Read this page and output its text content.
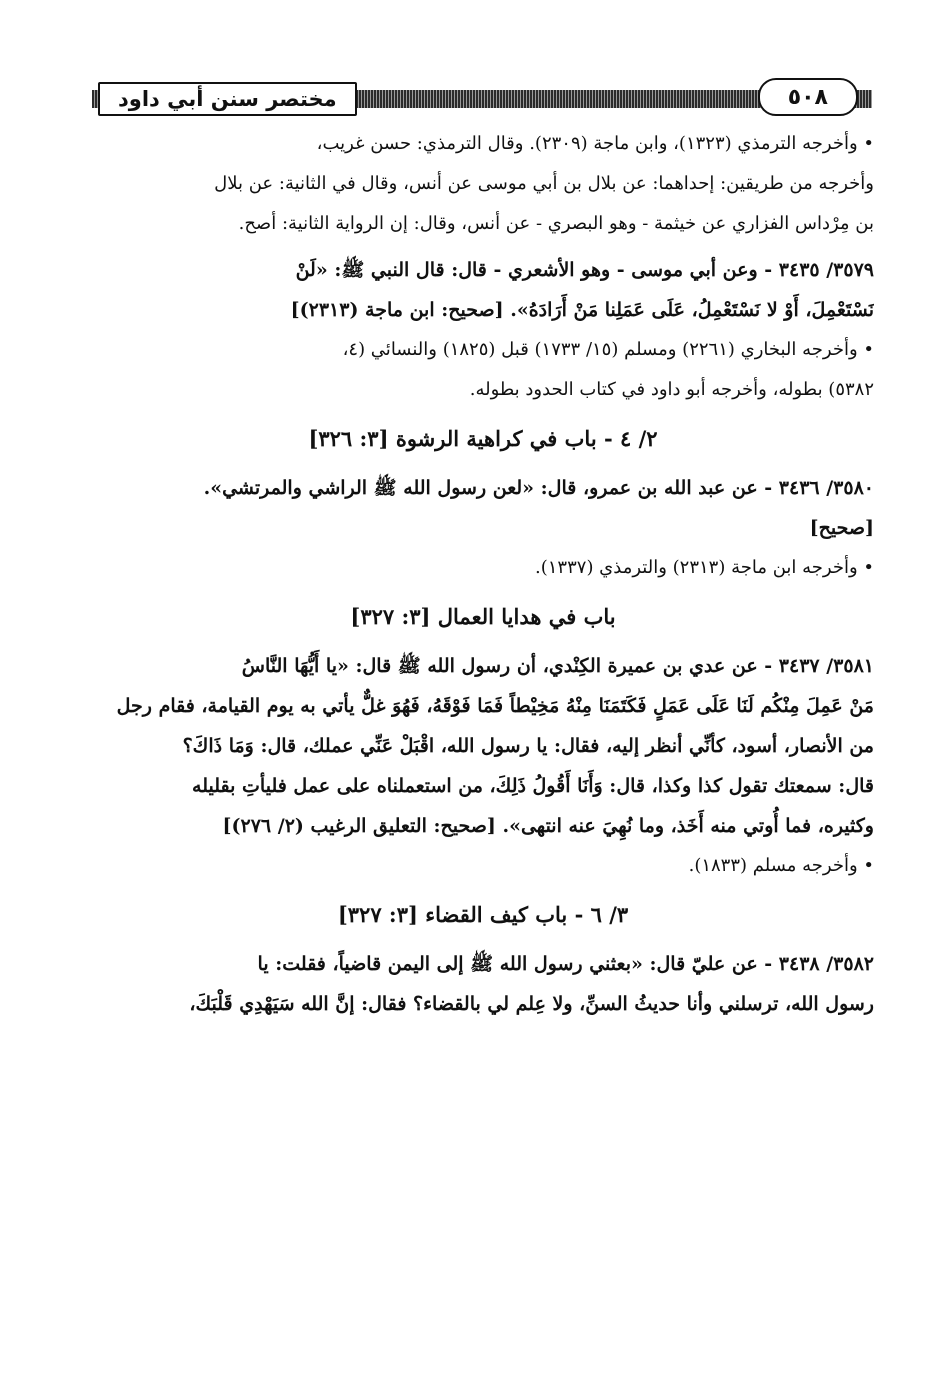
مختصر سنن أبي داود	٥٠٨
• وأخرجه الترمذي (١٣٢٣)، وابن ماجة (٢٣٠٩). وقال الترمذي: حسن غريب،
وأخرجه من طريقين: إحداهما: عن بلال بن أبي موسى عن أنس، وقال في الثانية: عن بلال
بن مِرْداس الفزاري عن خيثمة - وهو البصري - عن أنس، وقال: إن الرواية الثانية: أصح.
٣٥٧٩/ ٣٤٣٥ - وعن أبي موسى - وهو الأشعري - قال: قال النبي ﷺ: «لَنْ
نَسْتَعْمِلَ، أَوْ لا نَسْتَعْمِلُ، عَلَى عَمَلِنا مَنْ أَرَادَهُ». [صحيح: ابن ماجة (٢٣١٣)]
• وأخرجه البخاري (٢٢٦١) ومسلم (١٥/ ١٧٣٣) قبل (١٨٢٥) والنسائي (٤،
٥٣٨٢) بطوله، وأخرجه أبو داود في كتاب الحدود بطوله.
٢/ ٤ - باب في كراهية الرشوة [٣: ٣٢٦]
٣٥٨٠/ ٣٤٣٦ - عن عبد الله بن عمرو، قال: «لعن رسول الله ﷺ الراشي والمرتشي».
[صحيح]
• وأخرجه ابن ماجة (٢٣١٣) والترمذي (١٣٣٧).
باب في هدايا العمال [٣: ٣٢٧]
٣٥٨١/ ٣٤٣٧ - عن عدي بن عميرة الكِنْدي، أن رسول الله ﷺ قال: «يا أَيُّهَا النَّاسُ
مَنْ عَمِلَ مِنْكُم لَنَا عَلَى عَمَلٍ فَكَتَمَنَا مِنْهُ مَخِيْطاً فَمَا فَوْقَهُ، فَهُوَ غلٌّ يأتي به يوم القيامة، فقام رجل
من الأنصار، أسود، كأنِّي أنظر إليه، فقال: يا رسول الله، اقْبَلْ عَنِّي عملك، قال: وَمَا ذَاكَ؟
قال: سمعتك تقول كذا وكذا، قال: وَأَنَا أَقُولُ ذَلِكَ، من استعملناه على عمل فليأتِ بقليله
وكثيره، فما أُوتي منه أَخَذ، وما نُهِيَ عنه انتهى». [صحيح: التعليق الرغيب (٢/ ٢٧٦)]
• وأخرجه مسلم (١٨٣٣).
٣/ ٦ - باب كيف القضاء [٣: ٣٢٧]
٣٥٨٢/ ٣٤٣٨ - عن عليّ قال: «بعثني رسول الله ﷺ إلى اليمن قاضياً، فقلت: يا
رسول الله، ترسلني وأنا حديثُ السنِّ، ولا عِلم لي بالقضاء؟ فقال: إنَّ الله سَيَهْدِي قَلْبَكَ،
